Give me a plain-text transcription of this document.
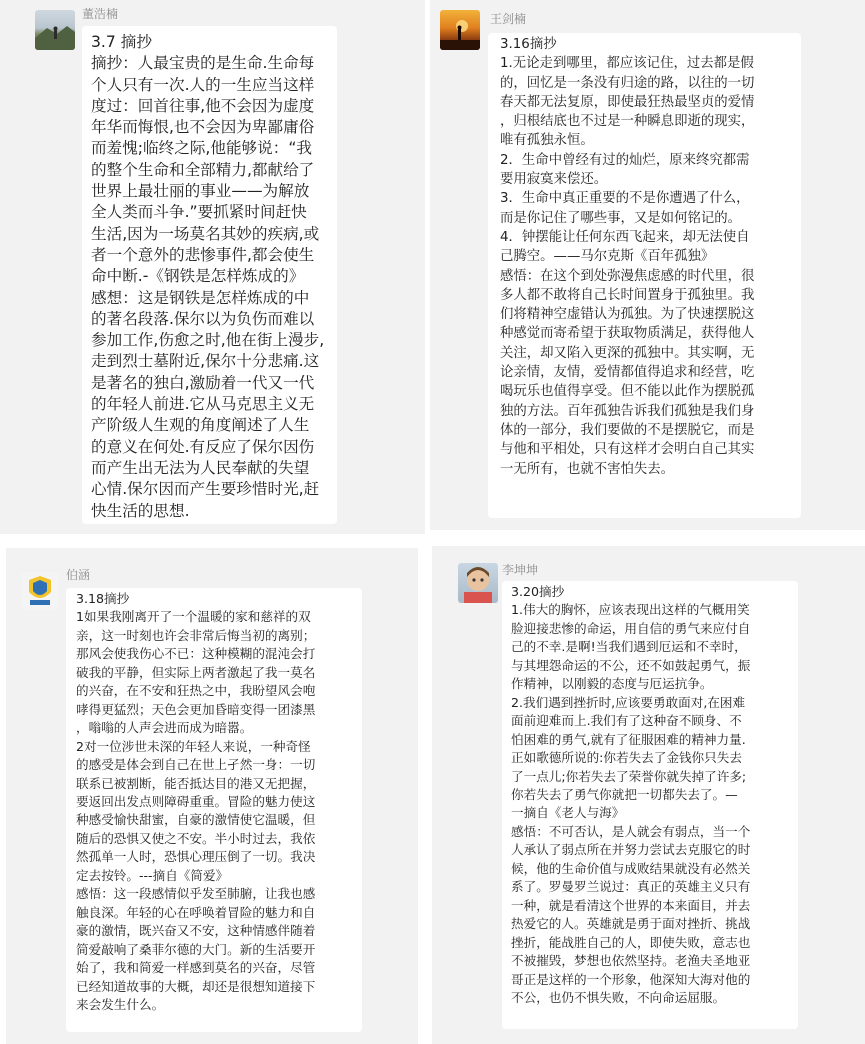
董浩楠
3.7 摘抄
摘抄：人最宝贵的是生命.生命每
个人只有一次.人的一生应当这样
度过：回首往事,他不会因为虚度
年华而悔恨,也不会因为卑鄙庸俗
而羞愧;临终之际,他能够说：“我
的整个生命和全部精力,都献给了
世界上最壮丽的事业——为解放
全人类而斗争.”要抓紧时间赶快
生活,因为一场莫名其妙的疾病,或
者一个意外的悲惨事件,都会使生
命中断.-《钢铁是怎样炼成的》
感想：这是钢铁是怎样炼成的中
的著名段落.保尔以为负伤而难以
参加工作,伤愈之时,他在街上漫步,
走到烈士墓附近,保尔十分悲痛.这
是著名的独白,激励着一代又一代
的年轻人前进.它从马克思主义无
产阶级人生观的角度阐述了人生
的意义在何处.有反应了保尔因伤
而产生出无法为人民奉献的失望
心情.保尔因而产生要珍惜时光,赶
快生活的思想.
王剑楠
3.16摘抄
1.无论走到哪里，都应该记住，过去都是假
的，回忆是一条没有归途的路，以往的一切
春天都无法复原，即使最狂热最坚贞的爱情
，归根结底也不过是一种瞬息即逝的现实，
唯有孤独永恒。
2．生命中曾经有过的灿烂，原来终究都需
要用寂寞来偿还。
3．生命中真正重要的不是你遭遇了什么，
而是你记住了哪些事，又是如何铭记的。
4．钟摆能让任何东西飞起来，却无法使自
己腾空。——马尔克斯《百年孤独》
感悟：在这个到处弥漫焦虑感的时代里，很
多人都不敢将自己长时间置身于孤独里。我
们将精神空虚错认为孤独。为了快速摆脱这
种感觉而寄希望于获取物质满足，获得他人
关注，却又陷入更深的孤独中。其实啊，无
论亲情，友情，爱情都值得追求和经营，吃
喝玩乐也值得享受。但不能以此作为摆脱孤
独的方法。百年孤独告诉我们孤独是我们身
体的一部分，我们要做的不是摆脱它，而是
与他和平相处，只有这样才会明白自己其实
一无所有，也就不害怕失去。
伯涵
3.18摘抄
1如果我刚离开了一个温暖的家和慈祥的双
亲，这一时刻也许会非常后悔当初的离别；
那风会使我伤心不已：这种模糊的混沌会打
破我的平静，但实际上两者激起了我一莫名
的兴奋，在不安和狂热之中，我盼望风会咆
哮得更猛烈；天色会更加昏暗变得一团漆黑
，嗡嗡的人声会进而成为暗嚣。
2对一位涉世未深的年轻人来说，一种奇怪
的感受是体会到自己在世上孑然一身：一切
联系已被割断，能否抵达目的港又无把握，
要返回出发点则障碍重重。冒险的魅力使这
种感受愉快甜蜜，自豪的激情使它温暖，但
随后的恐惧又使之不安。半小时过去，我依
然孤单一人时，恐惧心理压倒了一切。我决
定去按铃。---摘自《简爱》
感悟：这一段感情似乎发至肺腑，让我也感
触良深。年轻的心在呼唤着冒险的魅力和自
豪的激情，既兴奋又不安，这种情感伴随着
简爱敲响了桑菲尔德的大门。新的生活要开
始了，我和简爱一样感到莫名的兴奋，尽管
已经知道故事的大概，却还是很想知道接下
来会发生什么。
李坤坤
3.20摘抄
1.伟大的胸怀，应该表现出这样的气概用笑
脸迎接悲惨的命运，用自信的勇气来应付自
己的不幸.是啊!当我们遇到厄运和不幸时，
与其埋怨命运的不公，还不如鼓起勇气，振
作精神，以刚毅的态度与厄运抗争。
2.我们遇到挫折时,应该要勇敢面对,在困难
面前迎难而上.我们有了这种奋不顾身、不
怕困难的勇气,就有了征服困难的精神力量.
正如歌德所说的:你若失去了金钱你只失去
了一点儿;你若失去了荣誉你就失掉了许多;
你若失去了勇气你就把一切都失去了。—
一摘自《老人与海》
感悟：不可否认，是人就会有弱点，当一个
人承认了弱点所在并努力尝试去克服它的时
候，他的生命价值与成败结果就没有必然关
系了。罗曼罗兰说过：真正的英雄主义只有
一种，就是看清这个世界的本来面目，并去
热爱它的人。英雄就是勇于面对挫折、挑战
挫折，能战胜自己的人，即使失败，意志也
不被摧毁，梦想也依然坚持。老渔夫圣地亚
哥正是这样的一个形象，他深知大海对他的
不公，也仍不惧失败，不向命运屈服。
